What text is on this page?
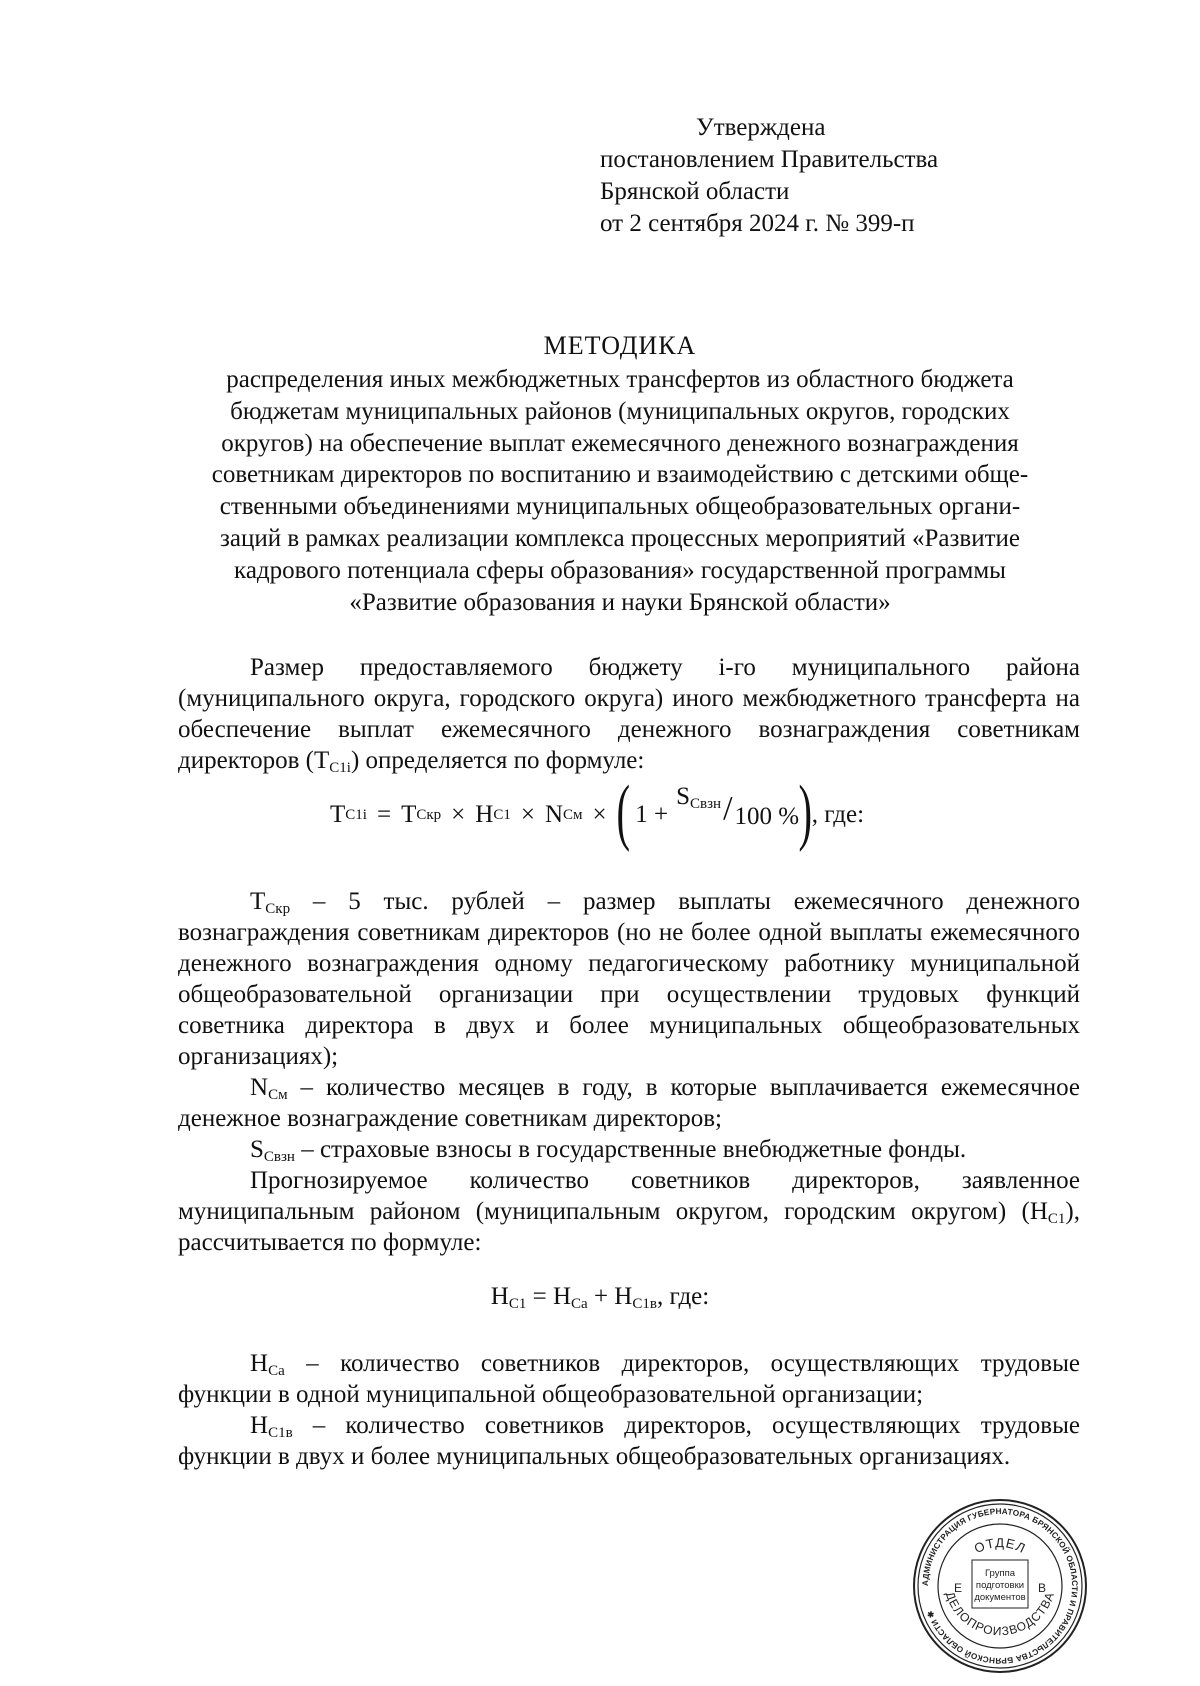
Утверждена
постановлением Правительства
Брянской области
от 2 сентября 2024 г. № 399-п
МЕТОДИКА

распределения иных межбюджетных трансфертов из областного бюджета

бюджетам муниципальных районов (муниципальных округов, городских

округов) на обеспечение выплат ежемесячного денежного вознаграждения

советникам директоров по воспитанию и взаимодействию с детскими обще-

ственными объединениями муниципальных общеобразовательных органи-

заций в рамках реализации комплекса процессных мероприятий «Развитие

кадрового потенциала сферы образования» государственной программы

«Развитие образования и науки Брянской области»

Размер предоставляемого бюджету i-го муниципального района (муниципального округа, городского округа) иного межбюджетного трансферта на обеспечение выплат ежемесячного денежного вознаграждения советникам директоров $(Т_{С1i})$ определяется по формуле:

Т С1i = Т Скр × Н С1 × N См × ( 1 +
$S_{Свзн} / 100$ % ) , где:

$Т_{Скр} - 5$ тыс. рублей – размер выплаты ежемесячного денежного вознаграждения советникам директоров (но не более одной выплаты ежемесячного денежного вознаграждения одному педагогическому работнику муниципальной общеобразовательной организации при осуществлении трудовых функций советника директора в двух и более муниципальных общеобразовательных организациях);

$N_{См}$ – количество месяцев в году, в которые выплачивается ежемесячное денежное вознаграждение советникам директоров;

$S_{Свзн}$ – страховые взносы в государственные внебюджетные фонды.

Прогнозируемое количество советников директоров, заявленное муниципальным районом (муниципальным округом, городским округом) $(Н_{С1})$, рассчитывается по формуле:

$Н_{С1} = Н_{Са} + Н_{С1в}$, где:

$Н_{Са}$ – количество советников директоров, осуществляющих трудовые функции в одной муниципальной общеобразовательной организации;

$Н_{С1в}$ – количество советников директоров, осуществляющих трудовые функции в двух и более муниципальных общеобразовательных организациях.

АДМИНИСТРАЦИЯ ГУБЕРНАТОРА БРЯНСКОЙ ОБЛАСТИ И ПРАВИТЕЛЬСТВА БРЯНСКОЙ ОБЛАСТИ ✱
ОТДЕЛ
ДЕЛОПРОИЗВОДСТВА
Группа
подготовки
документов
Е	В
